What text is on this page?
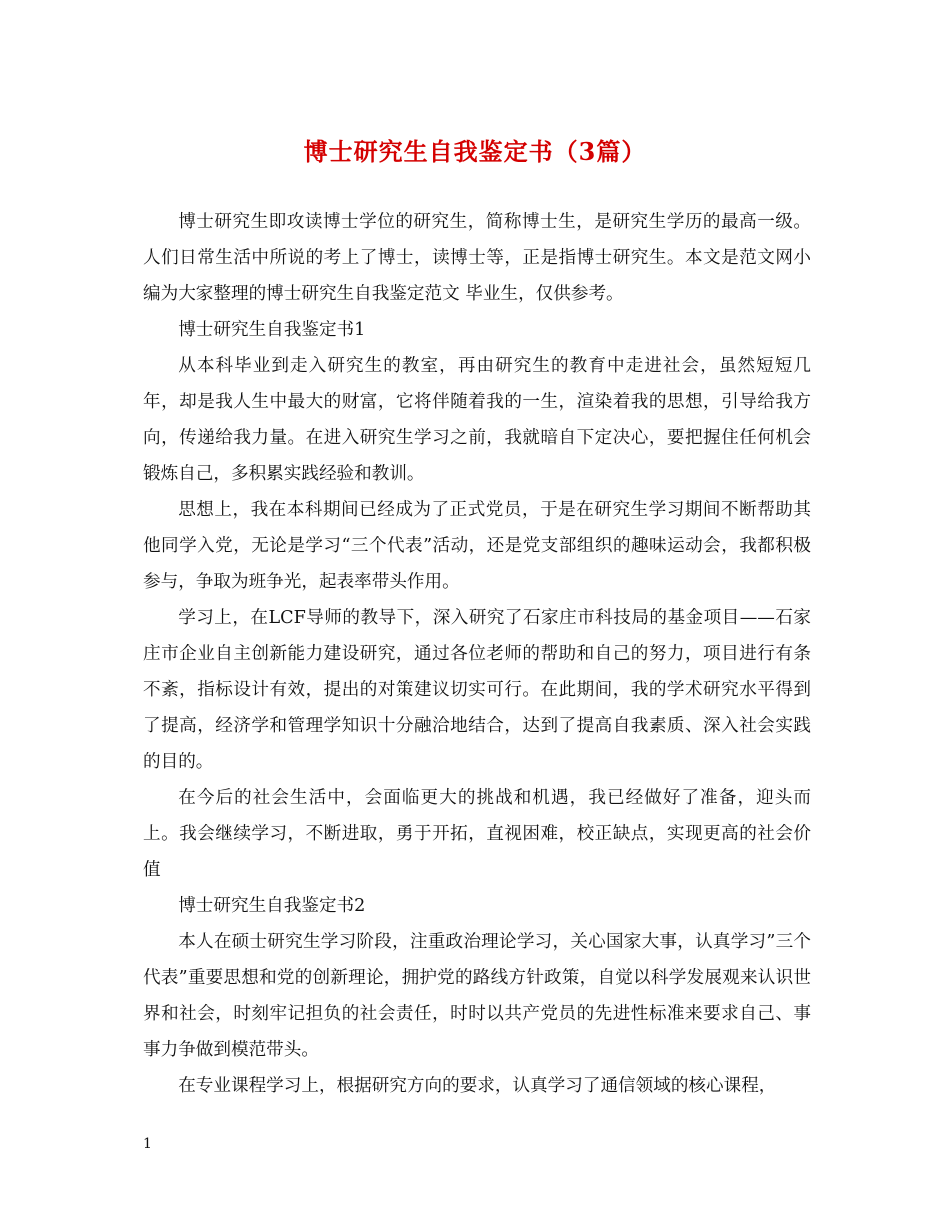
博士研究生自我鉴定书（3篇）

博士研究生即攻读博士学位的研究生，简称博士生，是研究生学历的最高一级。人们日常生活中所说的考上了博士，读博士等，正是指博士研究生。本文是范文网小编为大家整理的博士研究生自我鉴定范文 毕业生，仅供参考。

博士研究生自我鉴定书1

从本科毕业到走入研究生的教室，再由研究生的教育中走进社会，虽然短短几年，却是我人生中最大的财富，它将伴随着我的一生，渲染着我的思想，引导给我方向，传递给我力量。在进入研究生学习之前，我就暗自下定决心，要把握住任何机会锻炼自己，多积累实践经验和教训。

思想上，我在本科期间已经成为了正式党员，于是在研究生学习期间不断帮助其他同学入党，无论是学习“三个代表”活动，还是党支部组织的趣味运动会，我都积极参与，争取为班争光，起表率带头作用。

学习上，在LCF导师的教导下，深入研究了石家庄市科技局的基金项目——石家庄市企业自主创新能力建设研究，通过各位老师的帮助和自己的努力，项目进行有条不紊，指标设计有效，提出的对策建议切实可行。在此期间，我的学术研究水平得到了提高，经济学和管理学知识十分融洽地结合，达到了提高自我素质、深入社会实践的目的。

在今后的社会生活中，会面临更大的挑战和机遇，我已经做好了准备，迎头而上。我会继续学习，不断进取，勇于开拓，直视困难，校正缺点，实现更高的社会价值

博士研究生自我鉴定书2

本人在硕士研究生学习阶段，注重政治理论学习，关心国家大事，认真学习”三个代表”重要思想和党的创新理论，拥护党的路线方针政策，自觉以科学发展观来认识世界和社会，时刻牢记担负的社会责任，时时以共产党员的先进性标准来要求自己、事事力争做到模范带头。

在专业课程学习上，根据研究方向的要求，认真学习了通信领域的核心课程，

1
